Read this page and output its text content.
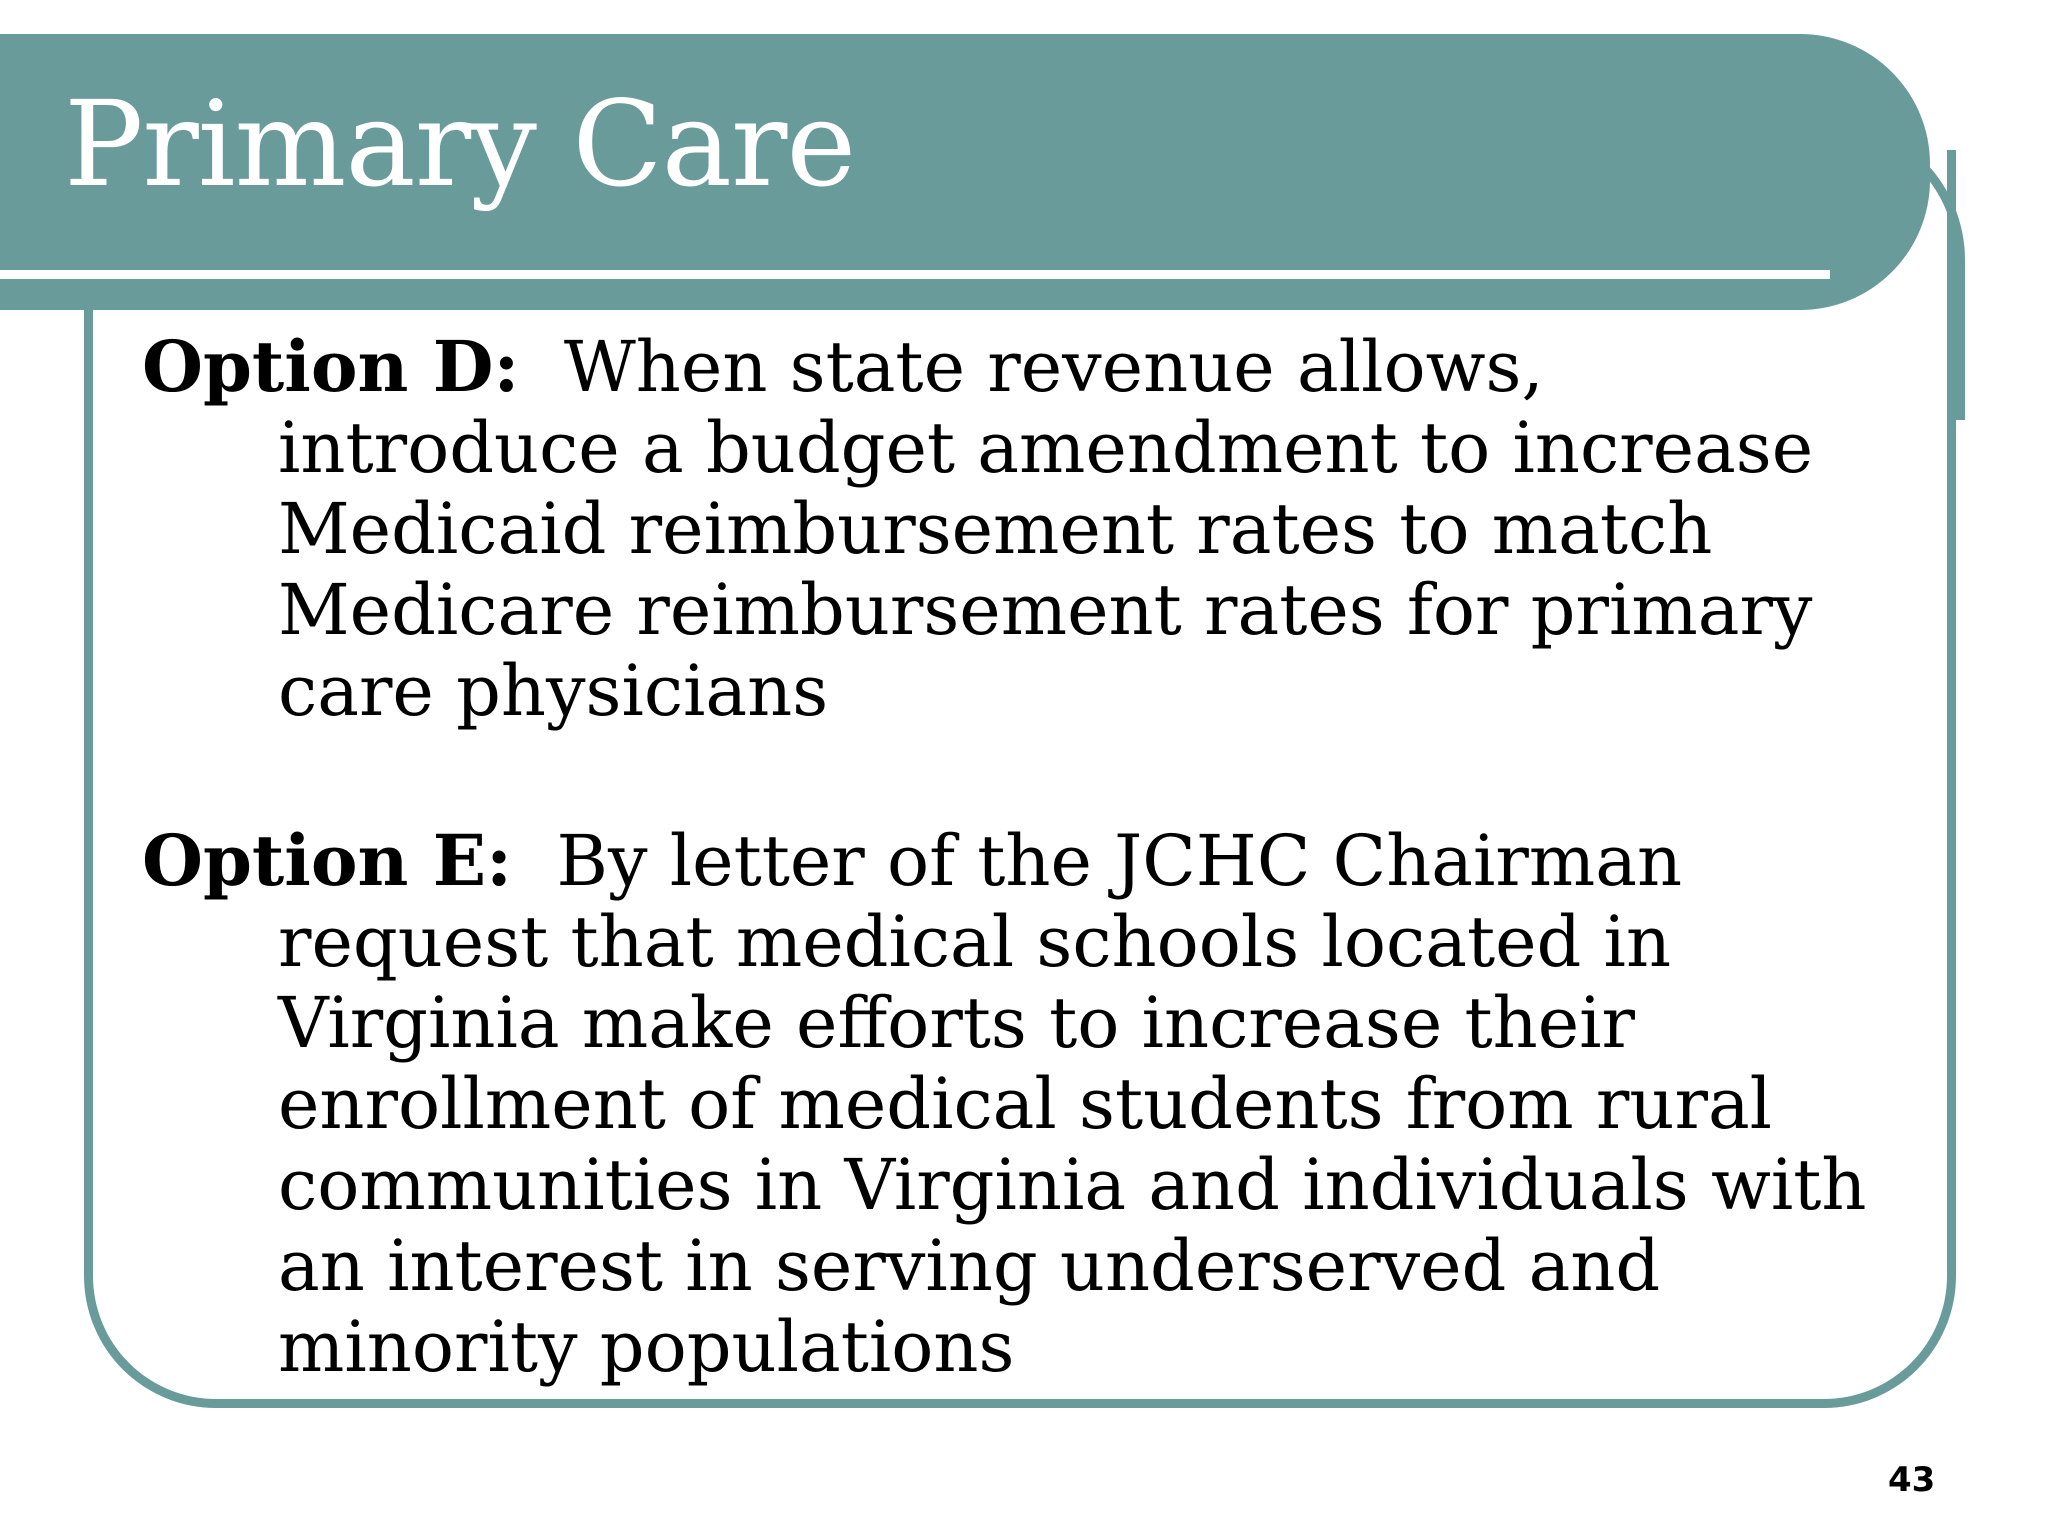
Primary Care

Option D: When state revenue allows, introduce a budget amendment to increase Medicaid reimbursement rates to match Medicare reimbursement rates for primary care physicians

Option E: By letter of the JCHC Chairman request that medical schools located in Virginia make efforts to increase their enrollment of medical students from rural communities in Virginia and individuals with an interest in serving underserved and minority populations

43
